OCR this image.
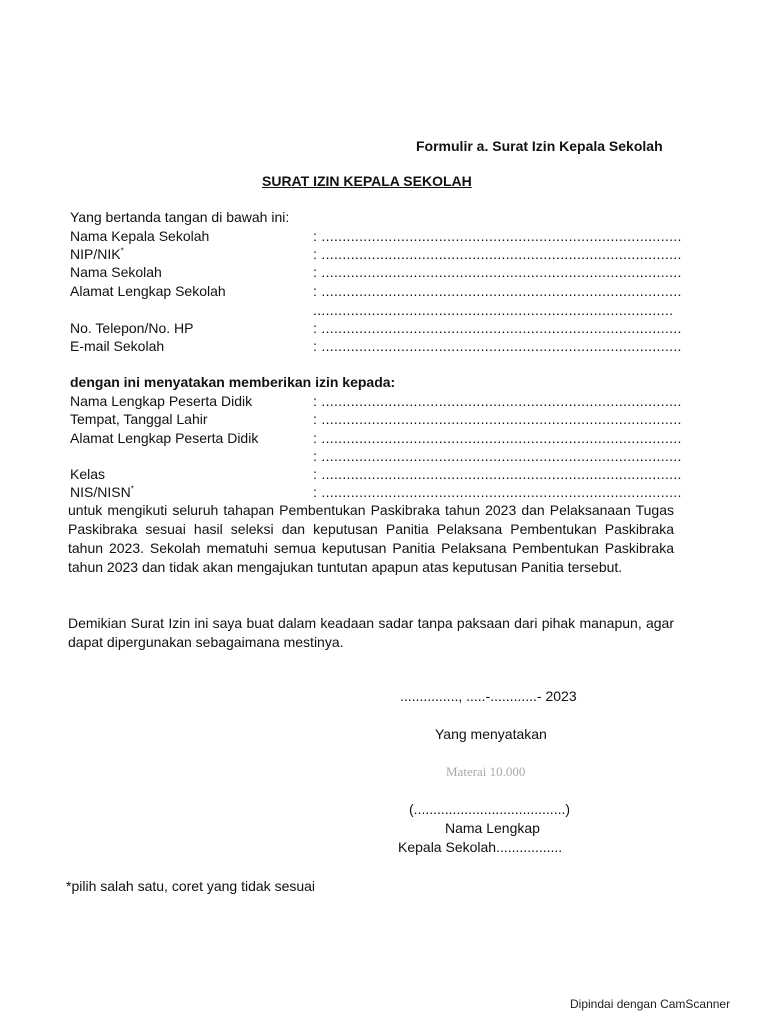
Formulir a. Surat Izin Kepala Sekolah
SURAT IZIN KEPALA SEKOLAH
Yang bertanda tangan di bawah ini:
Nama Kepala Sekolah	: ......................................................................................
NIP/NIK*	: ......................................................................................
Nama Sekolah	: ......................................................................................
Alamat Lengkap Sekolah	: ......................................................................................
......................................................................................
No. Telepon/No. HP	: ......................................................................................
E-mail Sekolah	: ......................................................................................
dengan ini menyatakan memberikan izin kepada:
Nama Lengkap Peserta Didik	: ......................................................................................
Tempat, Tanggal Lahir	: ......................................................................................
Alamat Lengkap Peserta Didik	: ......................................................................................
: ......................................................................................
Kelas	: ......................................................................................
NIS/NISN*	: ......................................................................................
untuk mengikuti seluruh tahapan Pembentukan Paskibraka tahun 2023 dan Pelaksanaan Tugas Paskibraka sesuai hasil seleksi dan keputusan Panitia Pelaksana Pembentukan Paskibraka tahun 2023. Sekolah mematuhi semua keputusan Panitia Pelaksana Pembentukan Paskibraka tahun 2023 dan tidak akan mengajukan tuntutan apapun atas keputusan Panitia tersebut.
Demikian Surat Izin ini saya buat dalam keadaan sadar tanpa paksaan dari pihak manapun, agar dapat dipergunakan sebagaimana mestinya.
..............., .....-............- 2023
Yang menyatakan
Materai 10.000
(.......................................)
Nama Lengkap
Kepala Sekolah.................
*pilih salah satu, coret yang tidak sesuai
Dipindai dengan CamScanner
